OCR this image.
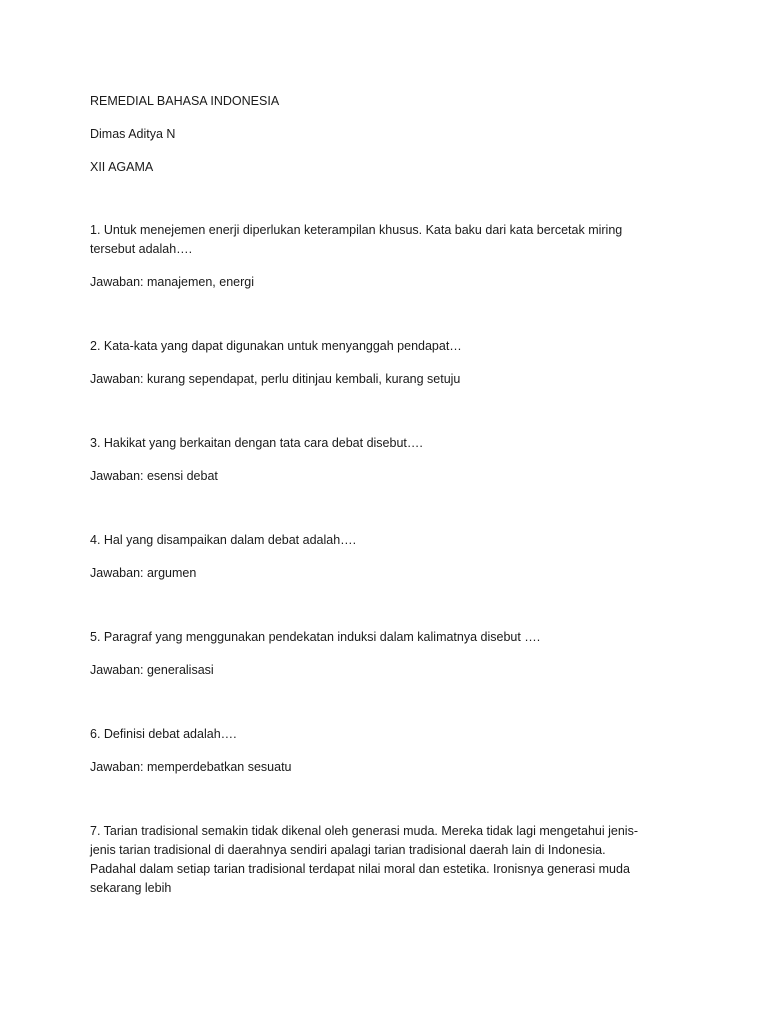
REMEDIAL BAHASA INDONESIA

Dimas Aditya N

XII AGAMA

1. Untuk menejemen enerji diperlukan keterampilan khusus. Kata baku dari kata bercetak miring tersebut adalah….

Jawaban: manajemen, energi

2. Kata-kata yang dapat digunakan untuk menyanggah pendapat…

Jawaban: kurang sependapat, perlu ditinjau kembali, kurang setuju

3. Hakikat yang berkaitan dengan tata cara debat disebut….

Jawaban: esensi debat

4. Hal yang disampaikan dalam debat adalah….

Jawaban: argumen

5. Paragraf yang menggunakan pendekatan induksi dalam kalimatnya disebut ….

Jawaban: generalisasi

6. Definisi debat adalah….

Jawaban: memperdebatkan sesuatu

7. Tarian tradisional semakin tidak dikenal oleh generasi muda. Mereka tidak lagi mengetahui jenis-jenis tarian tradisional di daerahnya sendiri apalagi tarian tradisional daerah lain di Indonesia. Padahal dalam setiap tarian tradisional terdapat nilai moral dan estetika. Ironisnya generasi muda sekarang lebih
